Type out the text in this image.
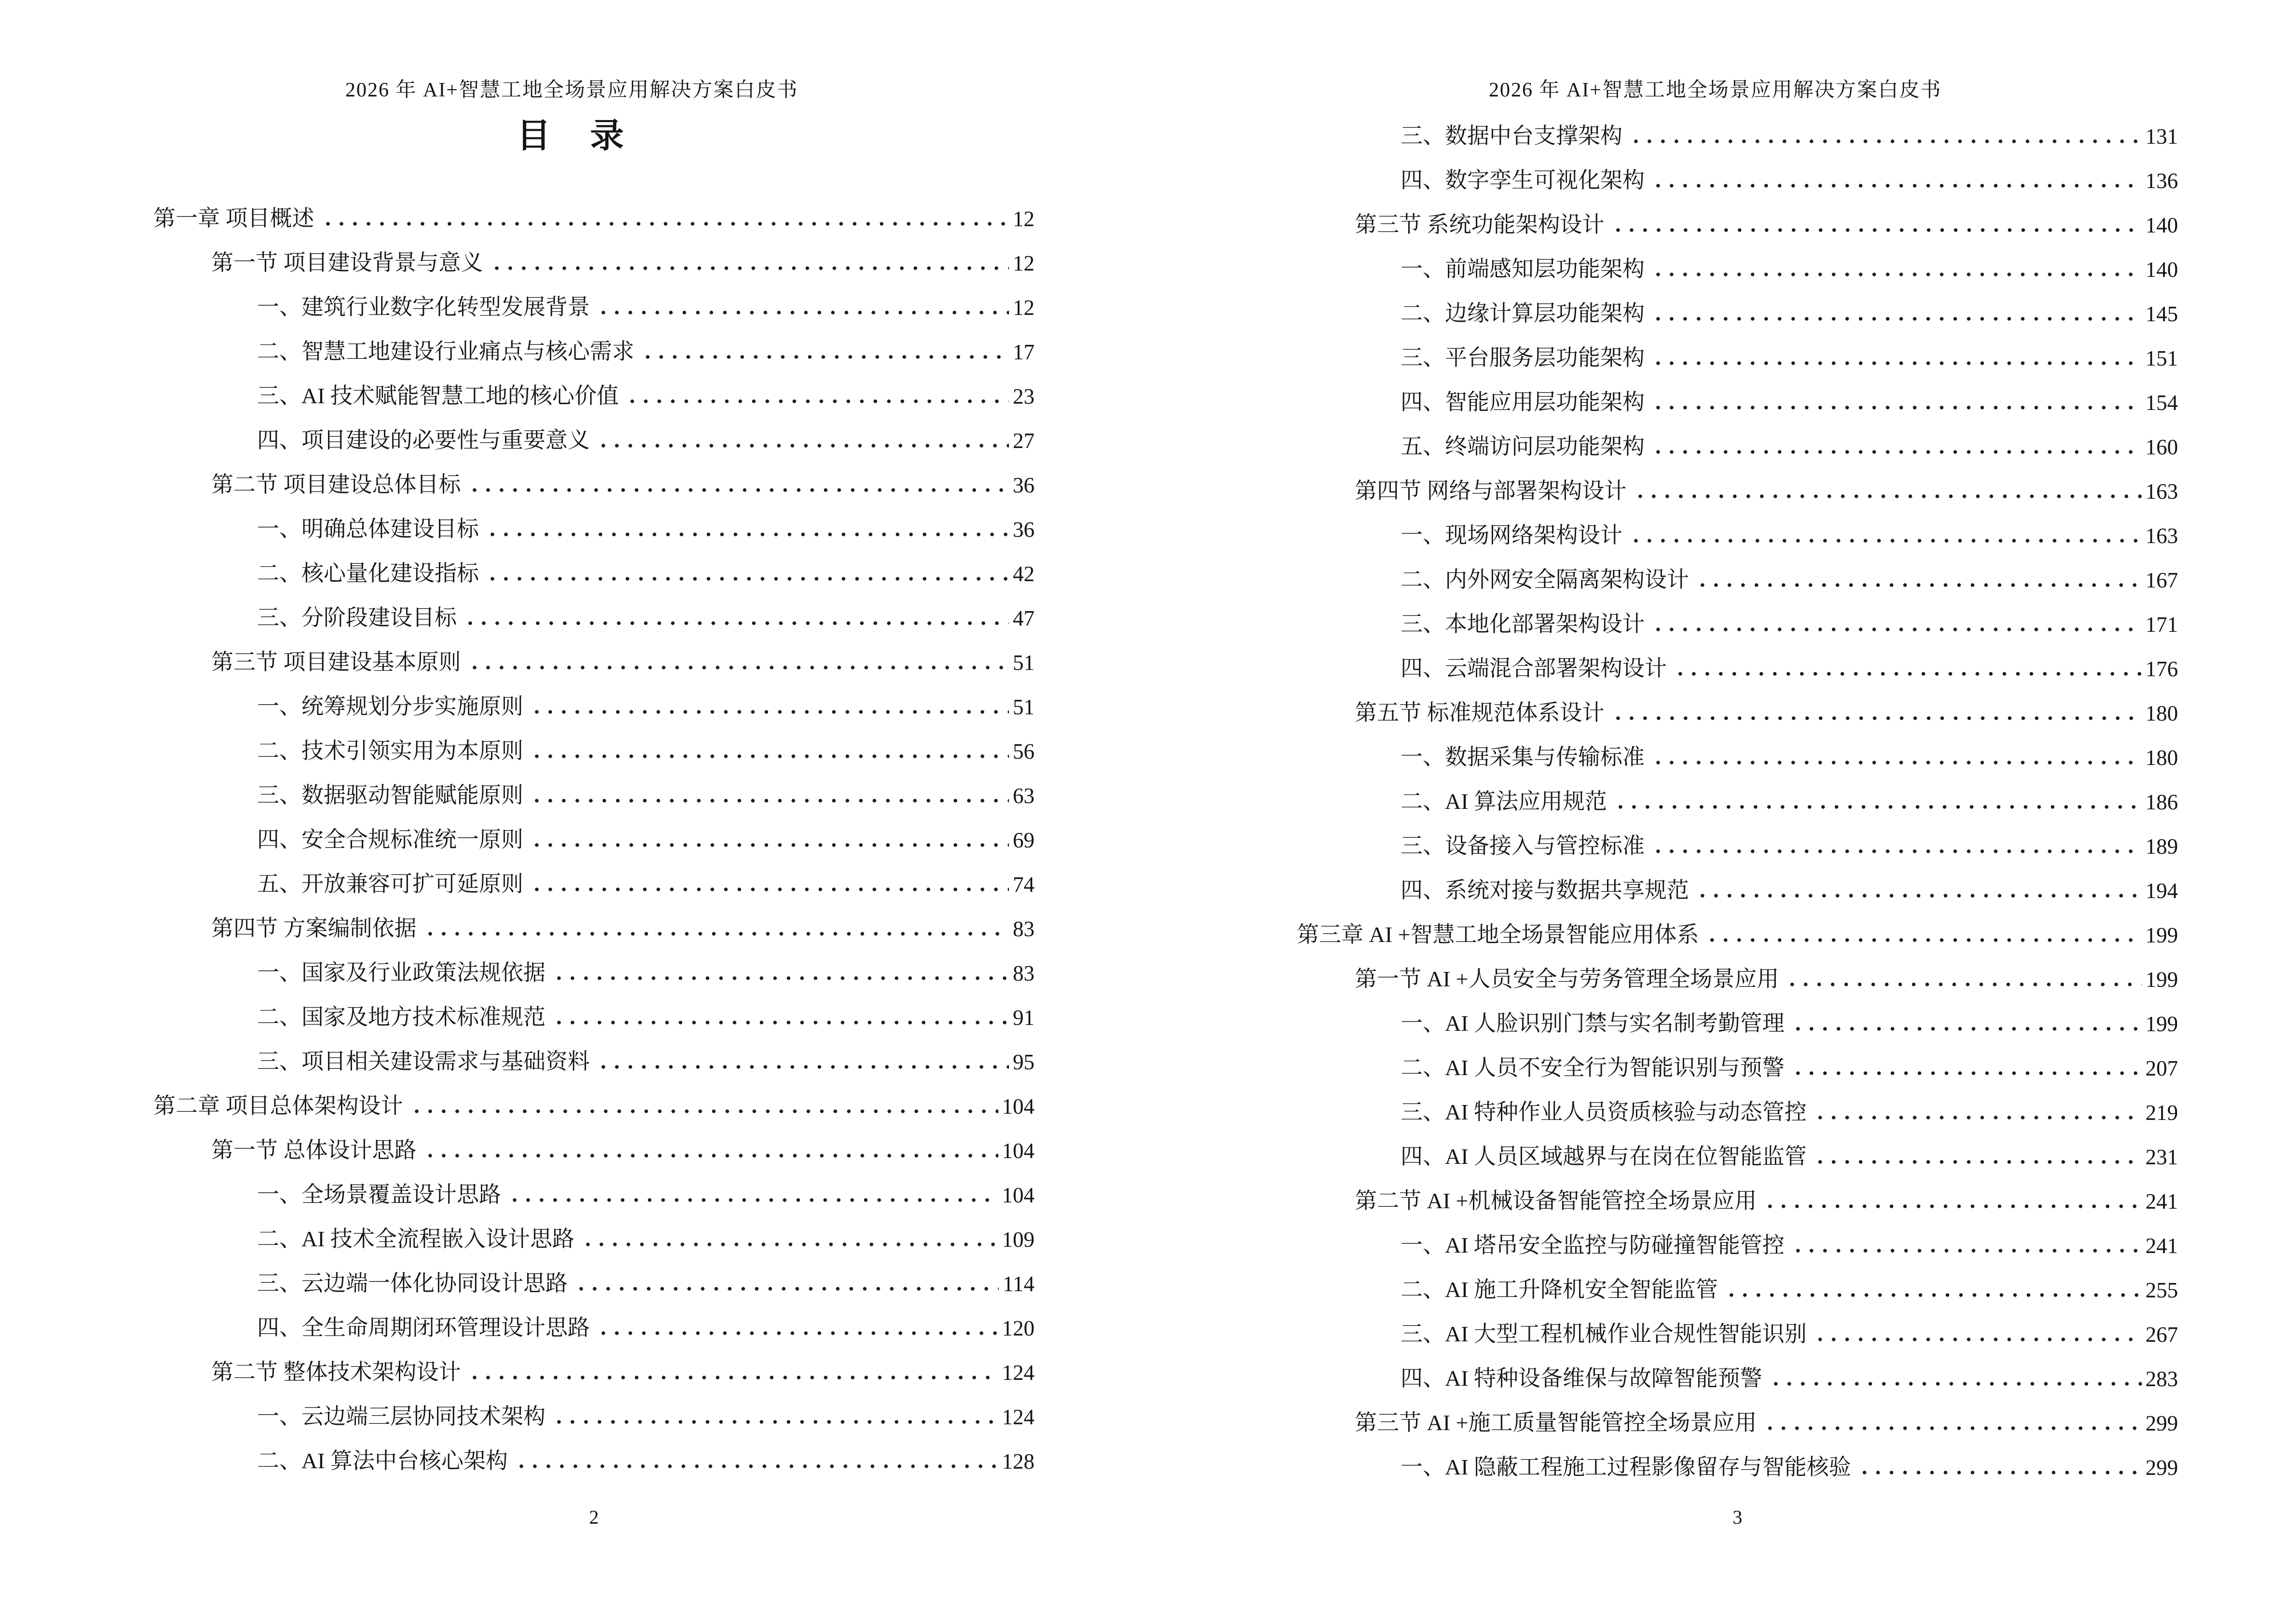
2026 年 AI+智慧工地全场景应用解决方案白皮书
目　录
第一章 项目概述	12
第一节 项目建设背景与意义	12
一、建筑行业数字化转型发展背景	12
二、智慧工地建设行业痛点与核心需求	17
三、AI 技术赋能智慧工地的核心价值	23
四、项目建设的必要性与重要意义	27
第二节 项目建设总体目标	36
一、明确总体建设目标	36
二、核心量化建设指标	42
三、分阶段建设目标	47
第三节 项目建设基本原则	51
一、统筹规划分步实施原则	51
二、技术引领实用为本原则	56
三、数据驱动智能赋能原则	63
四、安全合规标准统一原则	69
五、开放兼容可扩可延原则	74
第四节 方案编制依据	83
一、国家及行业政策法规依据	83
二、国家及地方技术标准规范	91
三、项目相关建设需求与基础资料	95
第二章 项目总体架构设计	104
第一节 总体设计思路	104
一、全场景覆盖设计思路	104
二、AI 技术全流程嵌入设计思路	109
三、云边端一体化协同设计思路	114
四、全生命周期闭环管理设计思路	120
第二节 整体技术架构设计	124
一、云边端三层协同技术架构	124
二、AI 算法中台核心架构	128
2
2026 年 AI+智慧工地全场景应用解决方案白皮书
三、数据中台支撑架构	131
四、数字孪生可视化架构	136
第三节 系统功能架构设计	140
一、前端感知层功能架构	140
二、边缘计算层功能架构	145
三、平台服务层功能架构	151
四、智能应用层功能架构	154
五、终端访问层功能架构	160
第四节 网络与部署架构设计	163
一、现场网络架构设计	163
二、内外网安全隔离架构设计	167
三、本地化部署架构设计	171
四、云端混合部署架构设计	176
第五节 标准规范体系设计	180
一、数据采集与传输标准	180
二、AI 算法应用规范	186
三、设备接入与管控标准	189
四、系统对接与数据共享规范	194
第三章 AI +智慧工地全场景智能应用体系	199
第一节 AI +人员安全与劳务管理全场景应用	199
一、AI 人脸识别门禁与实名制考勤管理	199
二、AI 人员不安全行为智能识别与预警	207
三、AI 特种作业人员资质核验与动态管控	219
四、AI 人员区域越界与在岗在位智能监管	231
第二节 AI +机械设备智能管控全场景应用	241
一、AI 塔吊安全监控与防碰撞智能管控	241
二、AI 施工升降机安全智能监管	255
三、AI 大型工程机械作业合规性智能识别	267
四、AI 特种设备维保与故障智能预警	283
第三节 AI +施工质量智能管控全场景应用	299
一、AI 隐蔽工程施工过程影像留存与智能核验	299
3
